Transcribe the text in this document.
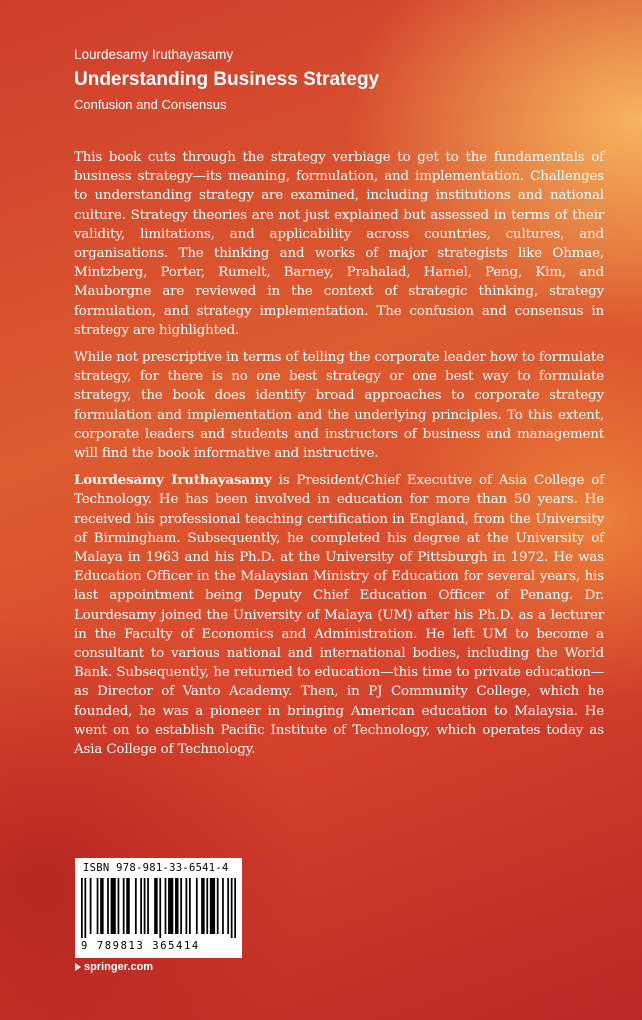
Lourdesamy Iruthayasamy
Understanding Business Strategy
Confusion and Consensus

This book cuts through the strategy verbiage to get to the fundamentals of business strategy—its meaning, formulation, and implementation. Challenges to understanding strategy are examined, including institutions and national culture. Strategy theories are not just explained but assessed in terms of their validity, limitations, and applicability across countries, cultures, and organisations. The thinking and works of major strategists like Ohmae, Mintzberg, Porter, Rumelt, Barney, Prahalad, Hamel, Peng, Kim, and Mauborgne are reviewed in the context of strategic thinking, strategy formulation, and strategy implementation. The confusion and consensus in strategy are highlighted.

While not prescriptive in terms of telling the corporate leader how to formulate strategy, for there is no one best strategy or one best way to formulate strategy, the book does identify broad approaches to corporate strategy formulation and implementation and the underlying principles. To this extent, corporate leaders and students and instructors of business and management will find the book informative and instructive.

Lourdesamy Iruthayasamy is President/Chief Executive of Asia College of Technology. He has been involved in education for more than 50 years. He received his professional teaching certification in England, from the University of Birmingham. Subsequently, he completed his degree at the University of Malaya in 1963 and his Ph.D. at the University of Pittsburgh in 1972. He was Education Officer in the Malaysian Ministry of Education for several years, his last appointment being Deputy Chief Education Officer of Penang. Dr. Lourdesamy joined the University of Malaya (UM) after his Ph.D. as a lecturer in the Faculty of Economics and Administration. He left UM to become a consultant to various national and international bodies, including the World Bank. Subsequently, he returned to education—this time to private education—as Director of Vanto Academy. Then, in PJ Community College, which he founded, he was a pioneer in bringing American education to Malaysia. He went on to establish Pacific Institute of Technology, which operates today as Asia College of Technology.

ISBN 978-981-33-6541-4
9 789813 365414
springer.com
